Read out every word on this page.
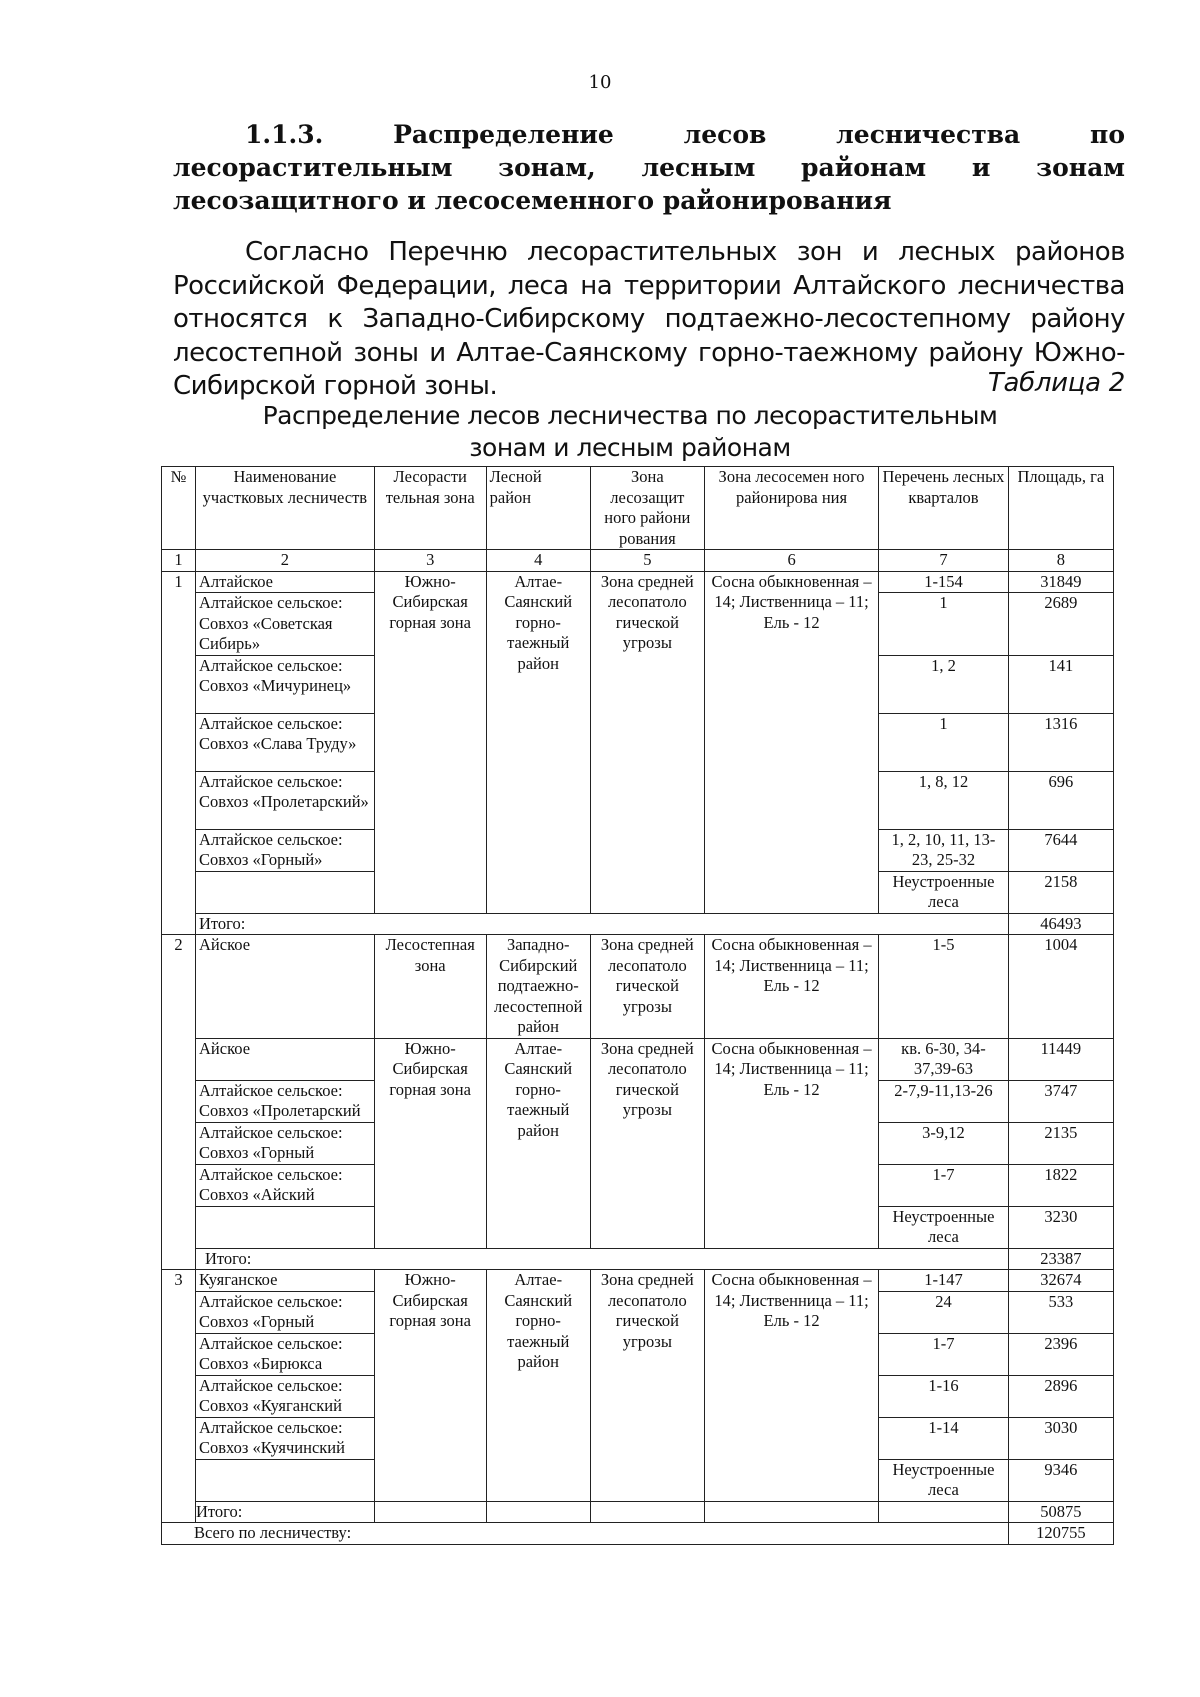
10

1.1.3.	Распределение лесов лесничества по лесорастительным зонам, лесным районам и зонам лесозащитного и лесосеменного районирования

Согласно Перечню лесорастительных зон и лесных районов Российской Федерации, леса на территории Алтайского лесничества относятся к Западно-Сибирскому подтаежно-лесостепному району лесостепной зоны и Алтае-Саянскому горно-таежному району Южно-Сибирской горной зоны.	Таблица 2
Распределение лесов лесничества по лесорастительным
зонам и лесным районам
№	Наименование участковых лесничеств	Лесорасти тельная зона	Лесной район	Зона лесозащит ного райони рования	Зона лесосемен ного районирова ния	Перечень лесных кварталов	Площадь, га
1	2	3	4	5	6	7	8
1	Алтайское	Южно-Сибирская горная зона	Алтае-Саянский горно-таежный район	Зона средней лесопатоло гической угрозы	Сосна обыкновенная – 14; Лиственница – 11; Ель - 12	1-154	31849
	Алтайское сельское: Совхоз «Советская Сибирь»					1	2689
	Алтайское сельское: Совхоз «Мичуринец»					1, 2	141
	Алтайское сельское: Совхоз «Слава Труду»					1	1316
	Алтайское сельское: Совхоз «Пролетарский»					1, 8, 12	696
	Алтайское сельское: Совхоз «Горный»					1, 2, 10, 11, 13-23, 25-32	7644
						Неустроенные леса	2158
	Итого:						46493
2	Айское	Лесостепная зона	Западно-Сибирский подтаежно-лесостепной район	Зона средней лесопатоло гической угрозы	Сосна обыкновенная – 14; Лиственница – 11; Ель - 12	1-5	1004
	Айское	Южно-Сибирская горная зона	Алтае-Саянский горно-таежный район	Зона средней лесопатоло гической угрозы	Сосна обыкновенная – 14; Лиственница – 11; Ель - 12	кв. 6-30, 34-37,39-63	11449
	Алтайское сельское: Совхоз «Пролетарский					2-7,9-11,13-26	3747
	Алтайское сельское: Совхоз «Горный					3-9,12	2135
	Алтайское сельское: Совхоз «Айский					1-7	1822
						Неустроенные леса	3230
	Итого:						23387
3	Куяганское	Южно-Сибирская горная зона	Алтае-Саянский горно-таежный район	Зона средней лесопатоло гической угрозы	Сосна обыкновенная – 14; Лиственница – 11; Ель - 12	1-147	32674
	Алтайское сельское: Совхоз «Горный					24	533
	Алтайское сельское: Совхоз «Бирюкса					1-7	2396
	Алтайское сельское: Совхоз «Куяганский					1-16	2896
	Алтайское сельское: Совхоз «Куячинский					1-14	3030
						Неустроенные леса	9346
	Итого:						50875
Всего по лесничеству:							120755
